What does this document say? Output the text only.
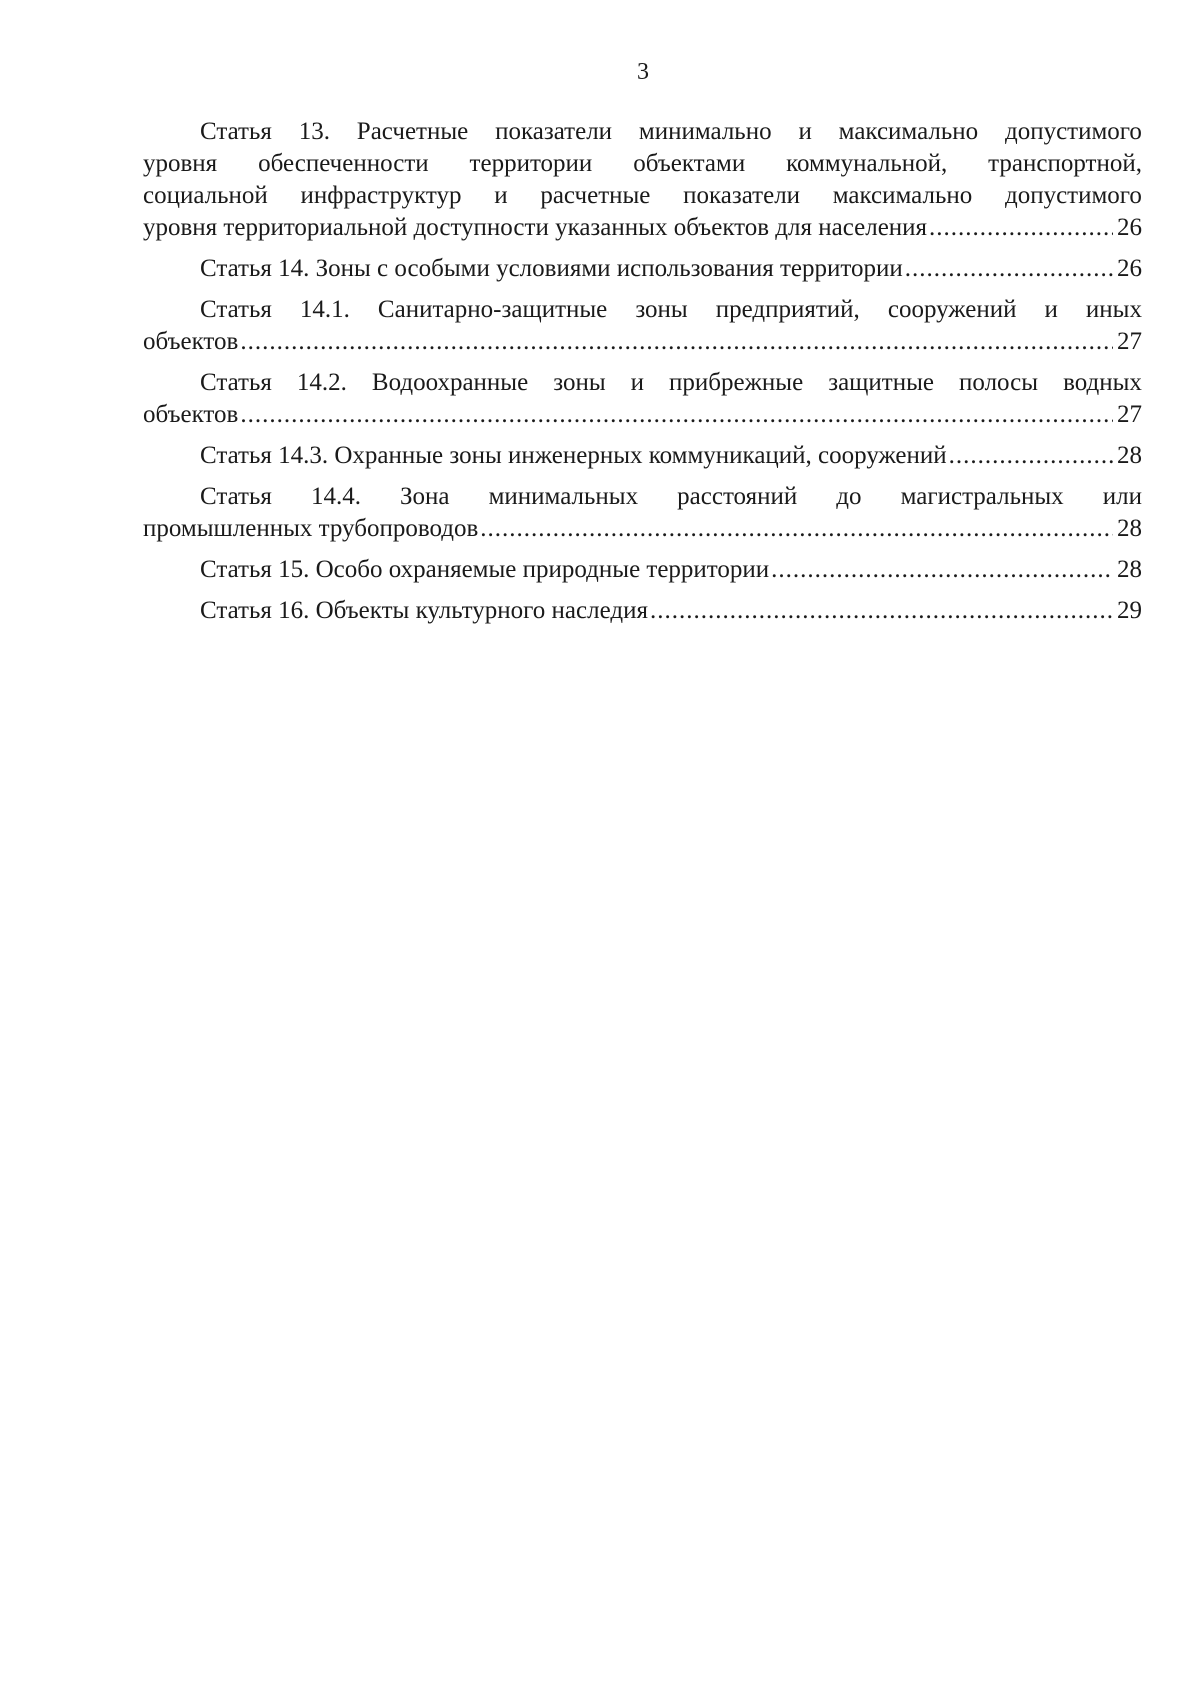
3
Статья 13. Расчетные показатели минимально и максимально допустимого
уровня обеспеченности территории объектами коммунальной, транспортной,
социальной инфраструктур и расчетные показатели максимально допустимого
уровня территориальной доступности указанных объектов для населения .....	26
Статья 14. Зоны с особыми условиями использования территории .....	26
Статья 14.1. Санитарно-защитные зоны предприятий, сооружений и иных
объектов .....	27
Статья 14.2. Водоохранные зоны и прибрежные защитные полосы водных
объектов .....	27
Статья 14.3. Охранные зоны инженерных коммуникаций, сооружений .....	28
Статья 14.4. Зона минимальных расстояний до магистральных или
промышленных трубопроводов .....	28
Статья 15. Особо охраняемые природные территории .....	28
Статья 16. Объекты культурного наследия .....	29
